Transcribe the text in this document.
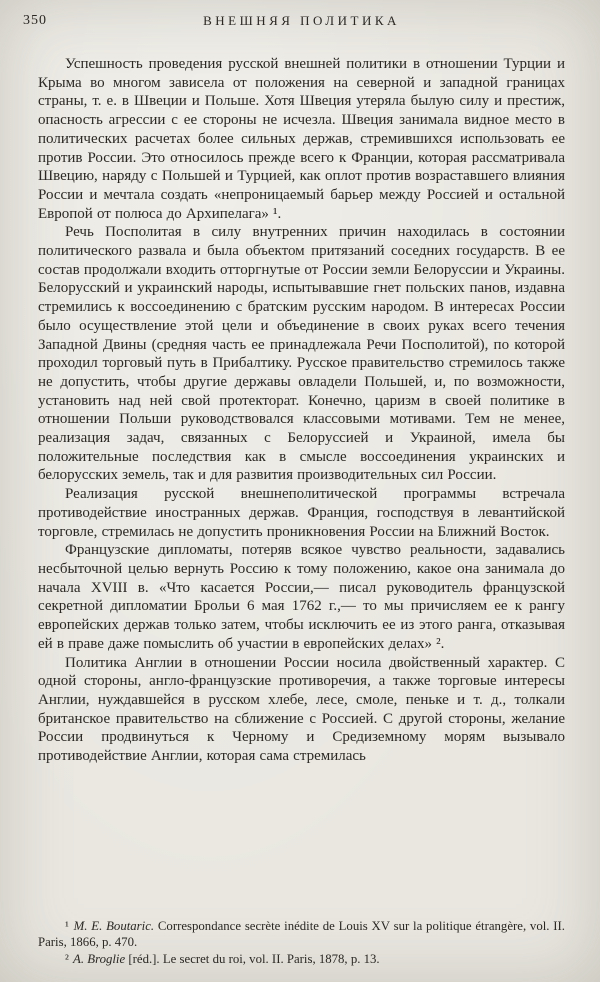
350	ВНЕШНЯЯ ПОЛИТИКА

Успешность проведения русской внешней политики в отношении Турции и Крыма во многом зависела от положения на северной и западной границах страны, т. е. в Швеции и Польше. Хотя Швеция утеряла былую силу и престиж, опасность агрессии с ее стороны не исчезла. Швеция занимала видное место в политических расчетах более сильных держав, стремившихся использовать ее против России. Это относилось прежде всего к Франции, которая рассматривала Швецию, наряду с Польшей и Турцией, как оплот против возраставшего влияния России и мечтала создать «непроницаемый барьер между Россией и остальной Европой от полюса до Архипелага» ¹.

Речь Посполитая в силу внутренних причин находилась в состоянии политического развала и была объектом притязаний соседних государств. В ее состав продолжали входить отторгнутые от России земли Белоруссии и Украины. Белорусский и украинский народы, испытывавшие гнет польских панов, издавна стремились к воссоединению с братским русским народом. В интересах России было осуществление этой цели и объединение в своих руках всего течения Западной Двины (средняя часть ее принадлежала Речи Посполитой), по которой проходил торговый путь в Прибалтику. Русское правительство стремилось также не допустить, чтобы другие державы овладели Польшей, и, по возможности, установить над ней свой протекторат. Конечно, царизм в своей политике в отношении Польши руководствовался классовыми мотивами. Тем не менее, реализация задач, связанных с Белоруссией и Украиной, имела бы положительные последствия как в смысле воссоединения украинских и белорусских земель, так и для развития производительных сил России.

Реализация русской внешнеполитической программы встречала противодействие иностранных держав. Франция, господствуя в левантийской торговле, стремилась не допустить проникновения России на Ближний Восток.

Французские дипломаты, потеряв всякое чувство реальности, задавались несбыточной целью вернуть Россию к тому положению, какое она занимала до начала XVIII в. «Что касается России,— писал руководитель французской секретной дипломатии Брольи 6 мая 1762 г.,— то мы причисляем ее к рангу европейских держав только затем, чтобы исключить ее из этого ранга, отказывая ей в праве даже помыслить об участии в европейских делах» ².

Политика Англии в отношении России носила двойственный характер. С одной стороны, англо-французские противоречия, а также торговые интересы Англии, нуждавшейся в русском хлебе, лесе, смоле, пеньке и т. д., толкали британское правительство на сближение с Россией. С другой стороны, желание России продвинуться к Черному и Средиземному морям вызывало противодействие Англии, которая сама стремилась

¹ M. E. Boutaric. Correspondance secrète inédite de Louis XV sur la politique étrangère, vol. II. Paris, 1866, p. 470.

² A. Broglie [réd.]. Le secret du roi, vol. II. Paris, 1878, p. 13.
